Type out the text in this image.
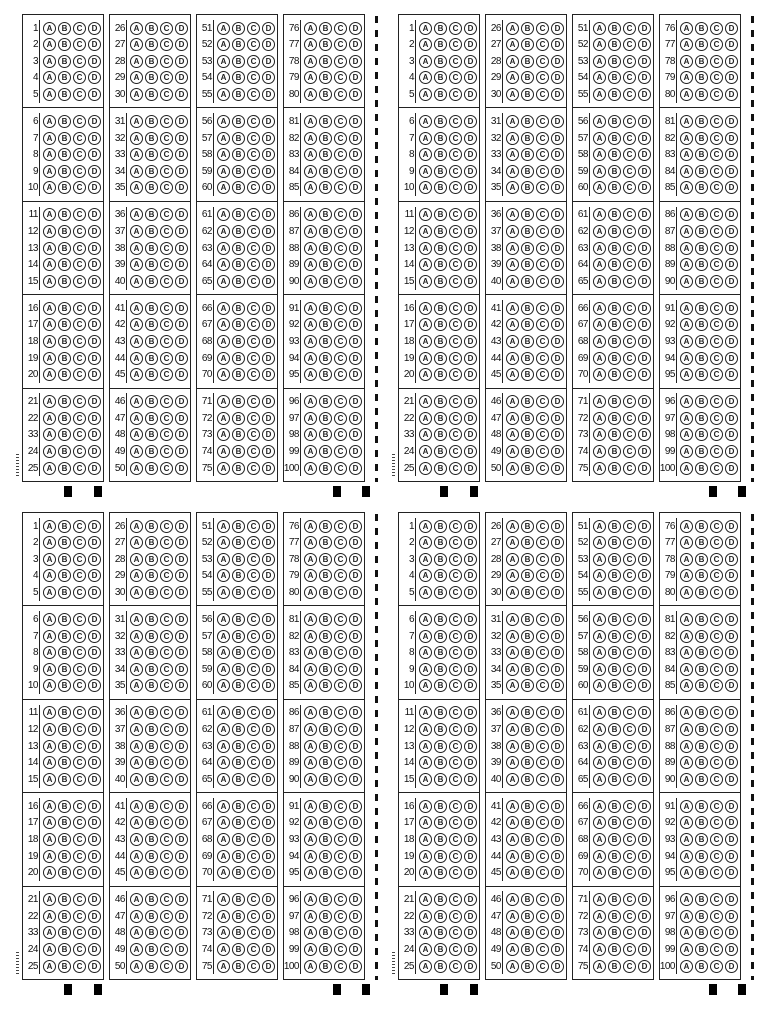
1	A	B	C	D
2	A	B	C	D
3	A	B	C	D
4	A	B	C	D
5	A	B	C	D
6	A	B	C	D
7	A	B	C	D
8	A	B	C	D
9	A	B	C	D
10	A	B	C	D
11	A	B	C	D
12	A	B	C	D
13	A	B	C	D
14	A	B	C	D
15	A	B	C	D
16	A	B	C	D
17	A	B	C	D
18	A	B	C	D
19	A	B	C	D
20	A	B	C	D
21	A	B	C	D
22	A	B	C	D
33	A	B	C	D
24	A	B	C	D
25	A	B	C	D
26	A	B	C	D
27	A	B	C	D
28	A	B	C	D
29	A	B	C	D
30	A	B	C	D
31	A	B	C	D
32	A	B	C	D
33	A	B	C	D
34	A	B	C	D
35	A	B	C	D
36	A	B	C	D
37	A	B	C	D
38	A	B	C	D
39	A	B	C	D
40	A	B	C	D
41	A	B	C	D
42	A	B	C	D
43	A	B	C	D
44	A	B	C	D
45	A	B	C	D
46	A	B	C	D
47	A	B	C	D
48	A	B	C	D
49	A	B	C	D
50	A	B	C	D
51	A	B	C	D
52	A	B	C	D
53	A	B	C	D
54	A	B	C	D
55	A	B	C	D
56	A	B	C	D
57	A	B	C	D
58	A	B	C	D
59	A	B	C	D
60	A	B	C	D
61	A	B	C	D
62	A	B	C	D
63	A	B	C	D
64	A	B	C	D
65	A	B	C	D
66	A	B	C	D
67	A	B	C	D
68	A	B	C	D
69	A	B	C	D
70	A	B	C	D
71	A	B	C	D
72	A	B	C	D
73	A	B	C	D
74	A	B	C	D
75	A	B	C	D
76	A	B	C	D
77	A	B	C	D
78	A	B	C	D
79	A	B	C	D
80	A	B	C	D
81	A	B	C	D
82	A	B	C	D
83	A	B	C	D
84	A	B	C	D
85	A	B	C	D
86	A	B	C	D
87	A	B	C	D
88	A	B	C	D
89	A	B	C	D
90	A	B	C	D
91	A	B	C	D
92	A	B	C	D
93	A	B	C	D
94	A	B	C	D
95	A	B	C	D
96	A	B	C	D
97	A	B	C	D
98	A	B	C	D
99	A	B	C	D
100	A	B	C	D
1	A	B	C	D
2	A	B	C	D
3	A	B	C	D
4	A	B	C	D
5	A	B	C	D
6	A	B	C	D
7	A	B	C	D
8	A	B	C	D
9	A	B	C	D
10	A	B	C	D
11	A	B	C	D
12	A	B	C	D
13	A	B	C	D
14	A	B	C	D
15	A	B	C	D
16	A	B	C	D
17	A	B	C	D
18	A	B	C	D
19	A	B	C	D
20	A	B	C	D
21	A	B	C	D
22	A	B	C	D
33	A	B	C	D
24	A	B	C	D
25	A	B	C	D
26	A	B	C	D
27	A	B	C	D
28	A	B	C	D
29	A	B	C	D
30	A	B	C	D
31	A	B	C	D
32	A	B	C	D
33	A	B	C	D
34	A	B	C	D
35	A	B	C	D
36	A	B	C	D
37	A	B	C	D
38	A	B	C	D
39	A	B	C	D
40	A	B	C	D
41	A	B	C	D
42	A	B	C	D
43	A	B	C	D
44	A	B	C	D
45	A	B	C	D
46	A	B	C	D
47	A	B	C	D
48	A	B	C	D
49	A	B	C	D
50	A	B	C	D
51	A	B	C	D
52	A	B	C	D
53	A	B	C	D
54	A	B	C	D
55	A	B	C	D
56	A	B	C	D
57	A	B	C	D
58	A	B	C	D
59	A	B	C	D
60	A	B	C	D
61	A	B	C	D
62	A	B	C	D
63	A	B	C	D
64	A	B	C	D
65	A	B	C	D
66	A	B	C	D
67	A	B	C	D
68	A	B	C	D
69	A	B	C	D
70	A	B	C	D
71	A	B	C	D
72	A	B	C	D
73	A	B	C	D
74	A	B	C	D
75	A	B	C	D
76	A	B	C	D
77	A	B	C	D
78	A	B	C	D
79	A	B	C	D
80	A	B	C	D
81	A	B	C	D
82	A	B	C	D
83	A	B	C	D
84	A	B	C	D
85	A	B	C	D
86	A	B	C	D
87	A	B	C	D
88	A	B	C	D
89	A	B	C	D
90	A	B	C	D
91	A	B	C	D
92	A	B	C	D
93	A	B	C	D
94	A	B	C	D
95	A	B	C	D
96	A	B	C	D
97	A	B	C	D
98	A	B	C	D
99	A	B	C	D
100	A	B	C	D
1	A	B	C	D
2	A	B	C	D
3	A	B	C	D
4	A	B	C	D
5	A	B	C	D
6	A	B	C	D
7	A	B	C	D
8	A	B	C	D
9	A	B	C	D
10	A	B	C	D
11	A	B	C	D
12	A	B	C	D
13	A	B	C	D
14	A	B	C	D
15	A	B	C	D
16	A	B	C	D
17	A	B	C	D
18	A	B	C	D
19	A	B	C	D
20	A	B	C	D
21	A	B	C	D
22	A	B	C	D
33	A	B	C	D
24	A	B	C	D
25	A	B	C	D
26	A	B	C	D
27	A	B	C	D
28	A	B	C	D
29	A	B	C	D
30	A	B	C	D
31	A	B	C	D
32	A	B	C	D
33	A	B	C	D
34	A	B	C	D
35	A	B	C	D
36	A	B	C	D
37	A	B	C	D
38	A	B	C	D
39	A	B	C	D
40	A	B	C	D
41	A	B	C	D
42	A	B	C	D
43	A	B	C	D
44	A	B	C	D
45	A	B	C	D
46	A	B	C	D
47	A	B	C	D
48	A	B	C	D
49	A	B	C	D
50	A	B	C	D
51	A	B	C	D
52	A	B	C	D
53	A	B	C	D
54	A	B	C	D
55	A	B	C	D
56	A	B	C	D
57	A	B	C	D
58	A	B	C	D
59	A	B	C	D
60	A	B	C	D
61	A	B	C	D
62	A	B	C	D
63	A	B	C	D
64	A	B	C	D
65	A	B	C	D
66	A	B	C	D
67	A	B	C	D
68	A	B	C	D
69	A	B	C	D
70	A	B	C	D
71	A	B	C	D
72	A	B	C	D
73	A	B	C	D
74	A	B	C	D
75	A	B	C	D
76	A	B	C	D
77	A	B	C	D
78	A	B	C	D
79	A	B	C	D
80	A	B	C	D
81	A	B	C	D
82	A	B	C	D
83	A	B	C	D
84	A	B	C	D
85	A	B	C	D
86	A	B	C	D
87	A	B	C	D
88	A	B	C	D
89	A	B	C	D
90	A	B	C	D
91	A	B	C	D
92	A	B	C	D
93	A	B	C	D
94	A	B	C	D
95	A	B	C	D
96	A	B	C	D
97	A	B	C	D
98	A	B	C	D
99	A	B	C	D
100	A	B	C	D
1	A	B	C	D
2	A	B	C	D
3	A	B	C	D
4	A	B	C	D
5	A	B	C	D
6	A	B	C	D
7	A	B	C	D
8	A	B	C	D
9	A	B	C	D
10	A	B	C	D
11	A	B	C	D
12	A	B	C	D
13	A	B	C	D
14	A	B	C	D
15	A	B	C	D
16	A	B	C	D
17	A	B	C	D
18	A	B	C	D
19	A	B	C	D
20	A	B	C	D
21	A	B	C	D
22	A	B	C	D
33	A	B	C	D
24	A	B	C	D
25	A	B	C	D
26	A	B	C	D
27	A	B	C	D
28	A	B	C	D
29	A	B	C	D
30	A	B	C	D
31	A	B	C	D
32	A	B	C	D
33	A	B	C	D
34	A	B	C	D
35	A	B	C	D
36	A	B	C	D
37	A	B	C	D
38	A	B	C	D
39	A	B	C	D
40	A	B	C	D
41	A	B	C	D
42	A	B	C	D
43	A	B	C	D
44	A	B	C	D
45	A	B	C	D
46	A	B	C	D
47	A	B	C	D
48	A	B	C	D
49	A	B	C	D
50	A	B	C	D
51	A	B	C	D
52	A	B	C	D
53	A	B	C	D
54	A	B	C	D
55	A	B	C	D
56	A	B	C	D
57	A	B	C	D
58	A	B	C	D
59	A	B	C	D
60	A	B	C	D
61	A	B	C	D
62	A	B	C	D
63	A	B	C	D
64	A	B	C	D
65	A	B	C	D
66	A	B	C	D
67	A	B	C	D
68	A	B	C	D
69	A	B	C	D
70	A	B	C	D
71	A	B	C	D
72	A	B	C	D
73	A	B	C	D
74	A	B	C	D
75	A	B	C	D
76	A	B	C	D
77	A	B	C	D
78	A	B	C	D
79	A	B	C	D
80	A	B	C	D
81	A	B	C	D
82	A	B	C	D
83	A	B	C	D
84	A	B	C	D
85	A	B	C	D
86	A	B	C	D
87	A	B	C	D
88	A	B	C	D
89	A	B	C	D
90	A	B	C	D
91	A	B	C	D
92	A	B	C	D
93	A	B	C	D
94	A	B	C	D
95	A	B	C	D
96	A	B	C	D
97	A	B	C	D
98	A	B	C	D
99	A	B	C	D
100	A	B	C	D
